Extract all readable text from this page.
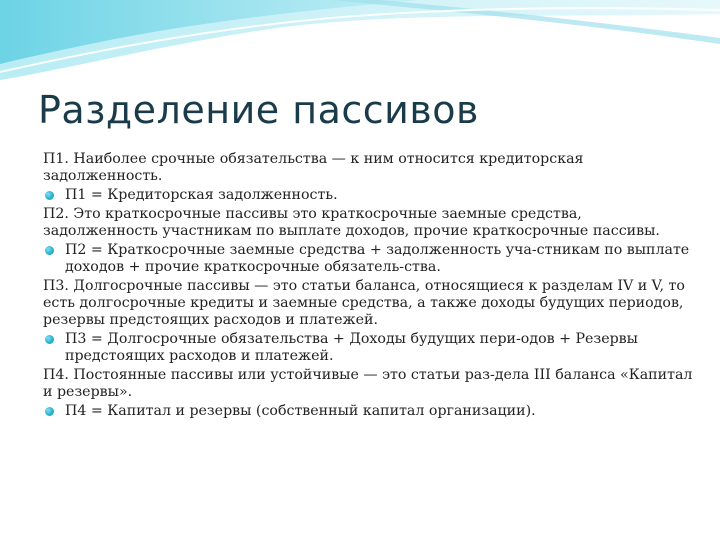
Разделение пассивов

П1. Наиболее срочные обязательства — к ним относится кредиторская задолженность.

П1 = Кредиторская задолженность.

П2. Это краткосрочные пассивы это краткосрочные заемные средства, задолженность участникам по выплате доходов, прочие краткосрочные пассивы.

П2 = Краткосрочные заемные средства + задолженность уча-стникам по выплате доходов + прочие краткосрочные обязатель-ства.

П3. Долгосрочные пассивы — это статьи баланса, относящиеся к разделам IV и V, то есть долгосрочные кредиты и заемные средства, а также доходы будущих периодов, резервы предстоящих расходов и платежей.

П3 = Долгосрочные обязательства + Доходы будущих пери-одов + Резервы предстоящих расходов и платежей.

П4. Постоянные пассивы или устойчивые — это статьи раз-дела III баланса «Капитал и резервы».

П4 = Капитал и резервы (собственный капитал организации).
